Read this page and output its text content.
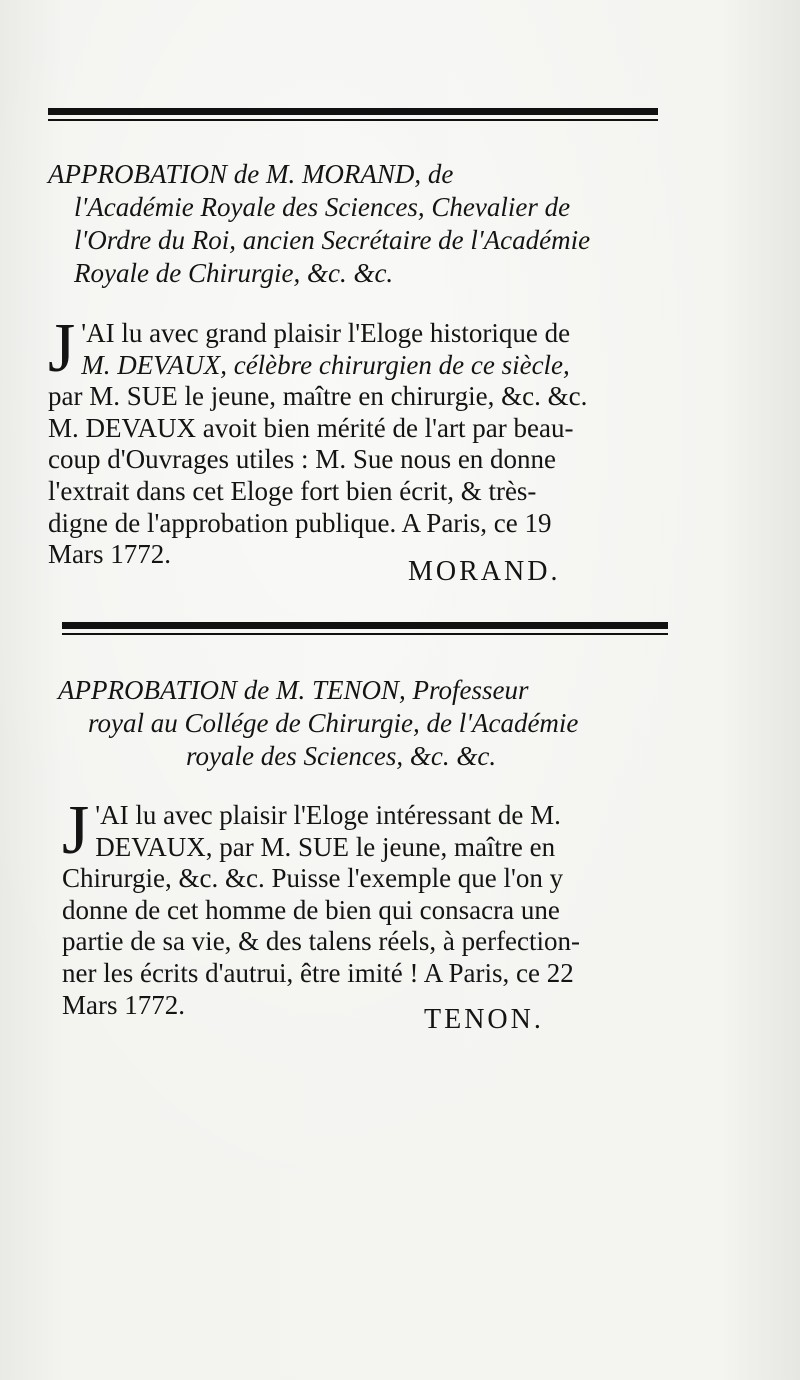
APPROBATION de M. MORAND, de

l'Académie Royale des Sciences, Chevalier de

l'Ordre du Roi, ancien Secrétaire de l'Académie

Royale de Chirurgie, &c. &c.

J 'AI lu avec grand plaisir l'Eloge historique de

M. DEVAUX, célèbre chirurgien de ce siècle,

par M. SUE le jeune, maître en chirurgie, &c. &c.

M. DEVAUX avoit bien mérité de l'art par beau-

coup d'Ouvrages utiles : M. Sue nous en donne

l'extrait dans cet Eloge fort bien écrit, & très-

digne de l'approbation publique. A Paris, ce 19

Mars 1772.

MORAND.

APPROBATION de M. TENON, Professeur

royal au Collége de Chirurgie, de l'Académie

royale des Sciences, &c. &c.

J 'AI lu avec plaisir l'Eloge intéressant de M.

DEVAUX, par M. SUE le jeune, maître en

Chirurgie, &c. &c. Puisse l'exemple que l'on y

donne de cet homme de bien qui consacra une

partie de sa vie, & des talens réels, à perfection-

ner les écrits d'autrui, être imité ! A Paris, ce 22

Mars 1772.	TENON.
